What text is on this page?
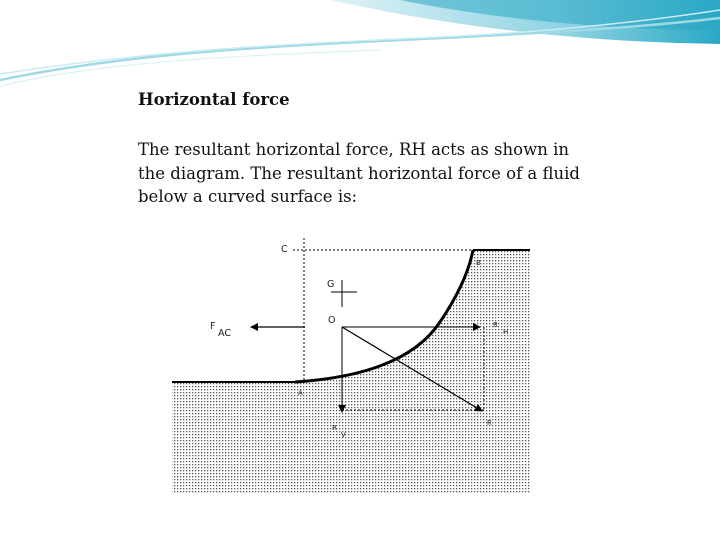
Horizontal force
The resultant horizontal force, RH acts as shown in
the diagram. The resultant horizontal force of a fluid
below a curved surface is:
C
B
G
O
A
F
AC
R
H
R
V
R
